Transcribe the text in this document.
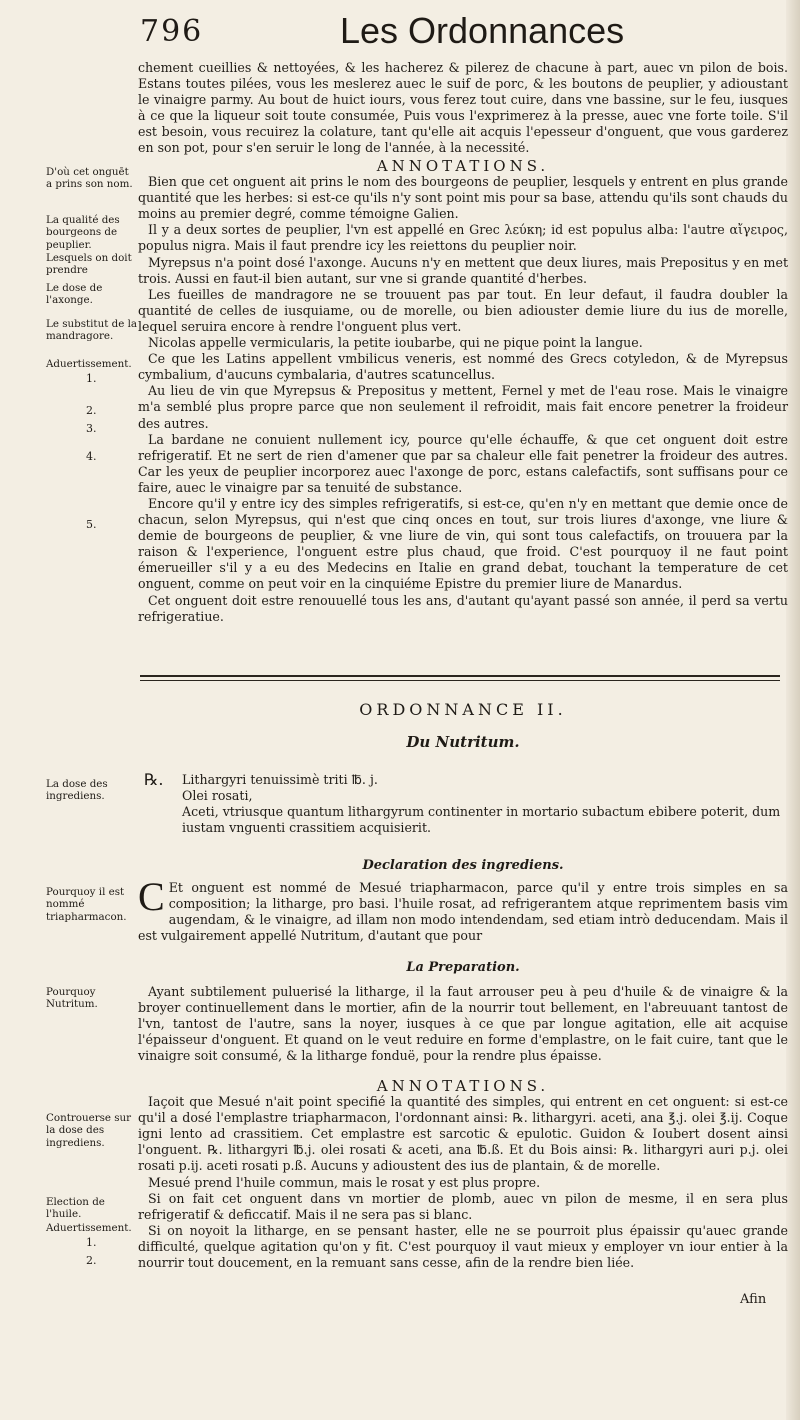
796	Les Ordonnances

chement cueillies & nettoyées, & les hacherez & pilerez de chacune à part, auec vn pilon de bois. Estans toutes pilées, vous les meslerez auec le suif de porc, & les boutons de peuplier, y adioustant le vinaigre parmy. Au bout de huict iours, vous ferez tout cuire, dans vne bassine, sur le feu, iusques à ce que la liqueur soit toute consumée, Puis vous l'exprimerez à la presse, auec vne forte toile. S'il est besoin, vous recuirez la colature, tant qu'elle ait acquis l'epesseur d'onguent, que vous garderez en son pot, pour s'en seruir le long de l'année, à la necessité.

ANNOTATIONS.

Bien que cet onguent ait prins le nom des bourgeons de peuplier, lesquels y entrent en plus grande quantité que les herbes: si est-ce qu'ils n'y sont point mis pour sa base, attendu qu'ils sont chauds du moins au premier degré, comme témoigne Galien.

Il y a deux sortes de peuplier, l'vn est appellé en Grec λεύκη; id est populus alba: l'autre αἴγειρος, populus nigra. Mais il faut prendre icy les reiettons du peuplier noir.

Myrepsus n'a point dosé l'axonge. Aucuns n'y en mettent que deux liures, mais Prepositus y en met trois. Aussi en faut-il bien autant, sur vne si grande quantité d'herbes.

Les fueilles de mandragore ne se trouuent pas par tout. En leur defaut, il faudra doubler la quantité de celles de iusquiame, ou de morelle, ou bien adiouster demie liure du ius de morelle, lequel seruira encore à rendre l'onguent plus vert.

Nicolas appelle vermicularis, la petite ioubarbe, qui ne pique point la langue.

Ce que les Latins appellent vmbilicus veneris, est nommé des Grecs cotyledon, & de Myrepsus cymbalium, d'aucuns cymbalaria, d'autres scatuncellus.

Au lieu de vin que Myrepsus & Prepositus y mettent, Fernel y met de l'eau rose. Mais le vinaigre m'a semblé plus propre parce que non seulement il refroidit, mais fait encore penetrer la froideur des autres.

La bardane ne conuient nullement icy, pource qu'elle échauffe, & que cet onguent doit estre refrigeratif. Et ne sert de rien d'amener que par sa chaleur elle fait penetrer la froideur des autres. Car les yeux de peuplier incorporez auec l'axonge de porc, estans calefactifs, sont suffisans pour ce faire, auec le vinaigre par sa tenuité de substance.

Encore qu'il y entre icy des simples refrigeratifs, si est-ce, qu'en n'y en mettant que demie once de chacun, selon Myrepsus, qui n'est que cinq onces en tout, sur trois liures d'axonge, vne liure & demie de bourgeons de peuplier, & vne liure de vin, qui sont tous calefactifs, on trouuera par la raison & l'experience, l'onguent estre plus chaud, que froid. C'est pourquoy il ne faut point émerueiller s'il y a eu des Medecins en Italie en grand debat, touchant la temperature de cet onguent, comme on peut voir en la cinquiéme Epistre du premier liure de Manardus.

Cet onguent doit estre renouuellé tous les ans, d'autant qu'ayant passé son année, il perd sa vertu refrigeratiue.

ORDONNANCE II.
Du Nutritum.
℞. Lithargyri tenuissimè triti ℔. j.
Olei rosati,
Aceti, vtriusque quantum lithargyrum continenter in mortario subactum ebibere poterit, dum iustam vnguenti crassitiem acquisierit.

Declaration des ingrediens.

C Et onguent est nommé de Mesué triapharmacon, parce qu'il y entre trois simples en sa composition; la litharge, pro basi. l'huile rosat, ad refrigerantem atque reprimentem basis vim augendam, & le vinaigre, ad illam non modo intendendam, sed etiam intrò deducendam. Mais il est vulgairement appellé Nutritum, d'autant que pour

La Preparation.

Ayant subtilement puluerisé la litharge, il la faut arrouser peu à peu d'huile & de vinaigre & la broyer continuellement dans le mortier, afin de la nourrir tout bellement, en l'abreuuant tantost de l'vn, tantost de l'autre, sans la noyer, iusques à ce que par longue agitation, elle ait acquise l'épaisseur d'onguent. Et quand on le veut reduire en forme d'emplastre, on le fait cuire, tant que le vinaigre soit consumé, & la litharge fonduë, pour la rendre plus épaisse.

ANNOTATIONS.

Iaçoit que Mesué n'ait point specifié la quantité des simples, qui entrent en cet onguent: si est-ce qu'il a dosé l'emplastre triapharmacon, l'ordonnant ainsi: ℞. lithargyri. aceti, ana ℥.j. olei ℥.ij. Coque igni lento ad crassitiem. Cet emplastre est sarcotic & epulotic. Guidon & Ioubert dosent ainsi l'onguent. ℞. lithargyri ℔.j. olei rosati & aceti, ana ℔.ß. Et du Bois ainsi: ℞. lithargyri auri p.j. olei rosati p.ij. aceti rosati p.ß. Aucuns y adioustent des ius de plantain, & de morelle.

Mesué prend l'huile commun, mais le rosat y est plus propre.

Si on fait cet onguent dans vn mortier de plomb, auec vn pilon de mesme, il en sera plus refrigeratif & deficcatif. Mais il ne sera pas si blanc.

Si on noyoit la litharge, en se pensant haster, elle ne se pourroit plus épaissir qu'auec grande difficulté, quelque agitation qu'on y fit. C'est pourquoy il vaut mieux y employer vn iour entier à la nourrir tout doucement, en la remuant sans cesse, afin de la rendre bien liée.

Afin
D'où cet onguēt a prins son nom.
La qualité des bourgeons de peuplier.
Lesquels on doit prendre
Le dose de l'axonge.
Le substitut de la mandragore.
Aduertissement.
1.
2.
3.
4.
5.
La dose des ingrediens.
Pourquoy il est nommé triapharmacon.
Pourquoy Nutritum.
Controuerse sur la dose des ingrediens.
Election de l'huile.
Aduertissement.
1.
2.
